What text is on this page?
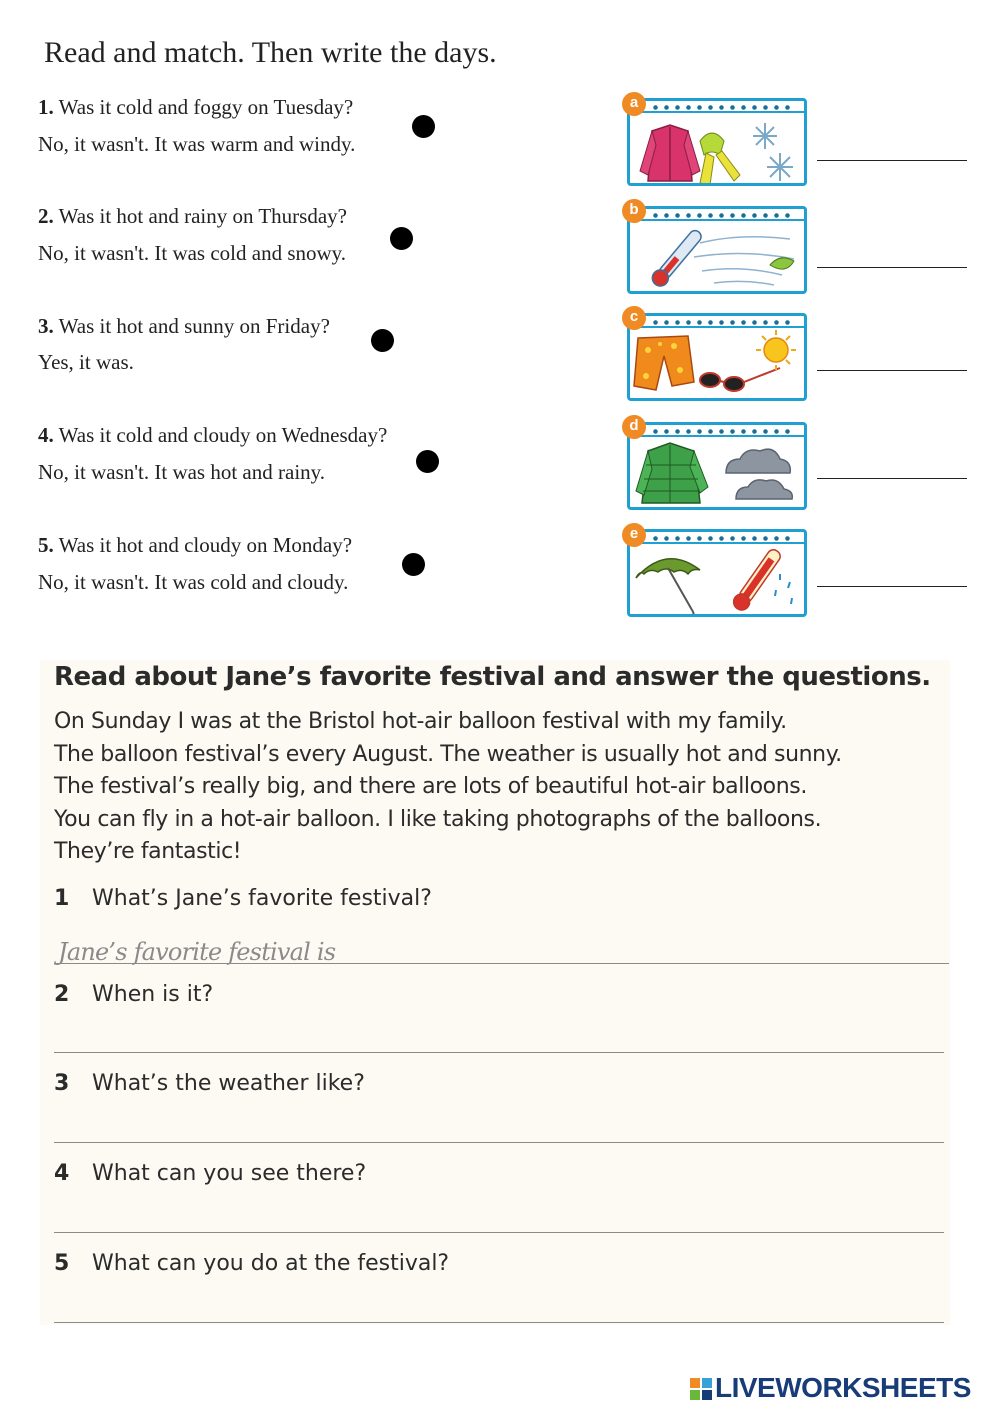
Read and match. Then write the days.
1. Was it cold and foggy on Tuesday?
No, it wasn't. It was warm and windy.
2. Was it hot and rainy on Thursday?
No, it wasn't. It was cold and snowy.
3. Was it hot and sunny on Friday?
Yes, it was.
4. Was it cold and cloudy on Wednesday?
No, it wasn't. It was hot and rainy.
5. Was it hot and cloudy on Monday?
No, it wasn't. It was cold and cloudy.
a
b
c
d
e
Read about Jane’s favorite festival and answer the questions.
On Sunday I was at the Bristol hot-air balloon festival with my family.
The balloon festival’s every August. The weather is usually hot and sunny.
The festival’s really big, and there are lots of beautiful hot-air balloons.
You can fly in a hot-air balloon. I like taking photographs of the balloons.
They’re fantastic!
1 What’s Jane’s favorite festival?
Jane’s favorite festival is
2 When is it?
3 What’s the weather like?
4 What can you see there?
5 What can you do at the festival?
LIVEWORKSHEETS
